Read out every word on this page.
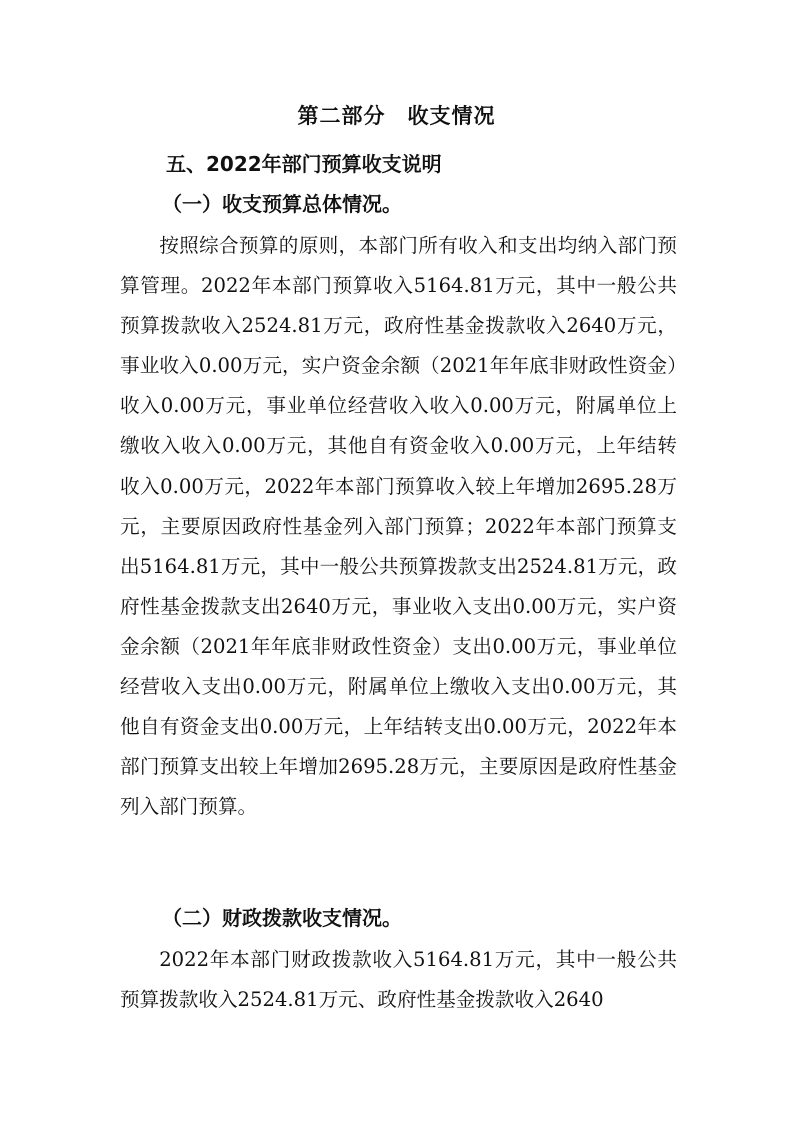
第二部分　收支情况
五、2022年部门预算收支说明
（一）收支预算总体情况。

按照综合预算的原则，本部门所有收入和支出均纳入部门预算管理。2022年本部门预算收入5164.81万元，其中一般公共预算拨款收入2524.81万元，政府性基金拨款收入2640万元，事业收入0.00万元，实户资金余额（2021年年底非财政性资金）收入0.00万元，事业单位经营收入收入0.00万元，附属单位上缴收入收入0.00万元，其他自有资金收入0.00万元，上年结转收入0.00万元，2022年本部门预算收入较上年增加2695.28万元，主要原因政府性基金列入部门预算；2022年本部门预算支出5164.81万元，其中一般公共预算拨款支出2524.81万元，政府性基金拨款支出2640万元，事业收入支出0.00万元，实户资金余额（2021年年底非财政性资金）支出0.00万元，事业单位经营收入支出0.00万元，附属单位上缴收入支出0.00万元，其他自有资金支出0.00万元，上年结转支出0.00万元，2022年本部门预算支出较上年增加2695.28万元，主要原因是政府性基金列入部门预算。

（二）财政拨款收支情况。

2022年本部门财政拨款收入5164.81万元，其中一般公共预算拨款收入2524.81万元、政府性基金拨款收入2640
